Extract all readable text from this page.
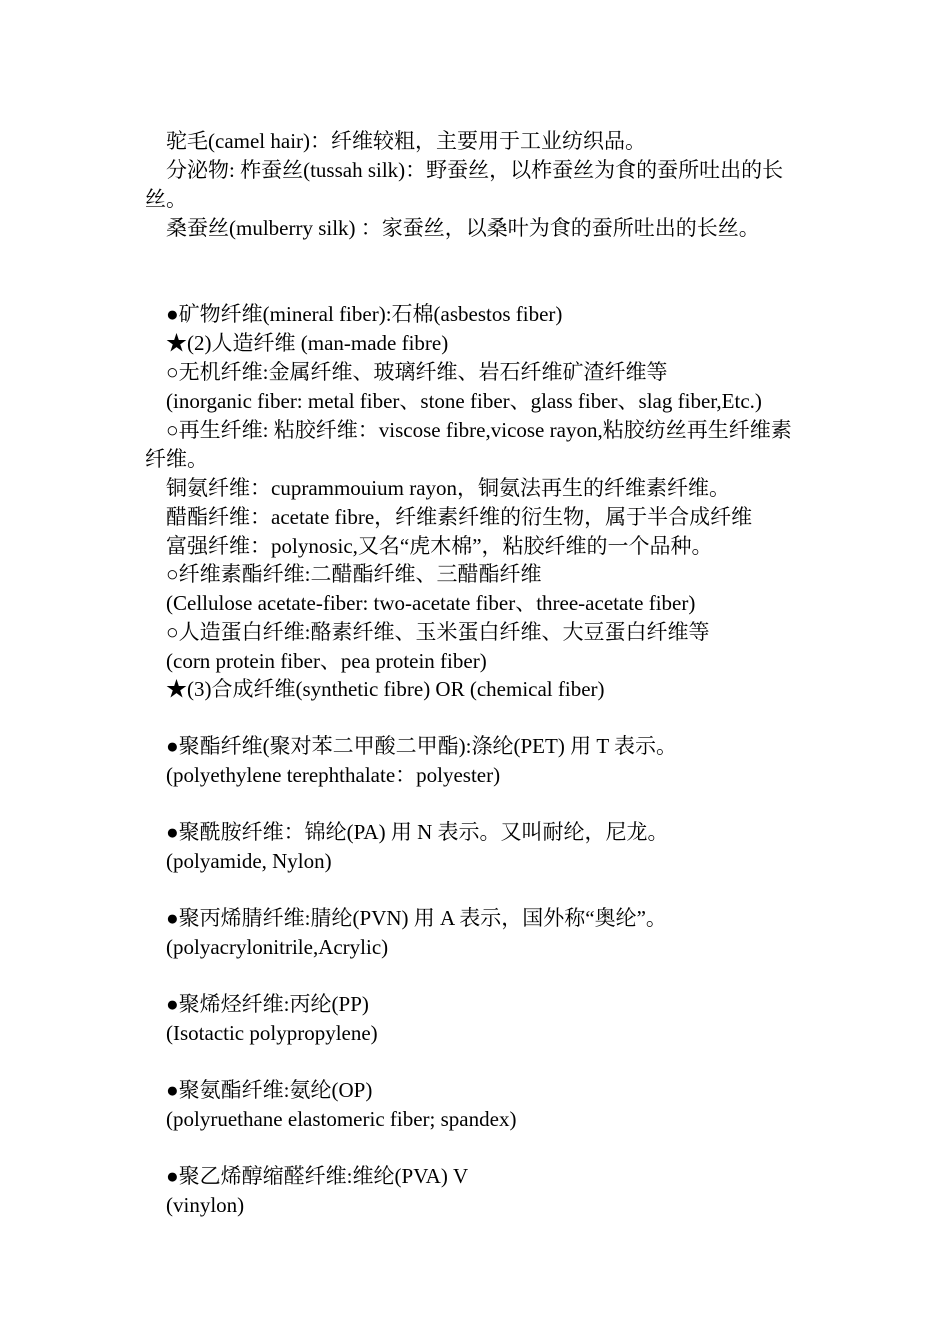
驼毛(camel hair)：纤维较粗，主要用于工业纺织品。

分泌物: 柞蚕丝(tussah silk)：野蚕丝，以柞蚕丝为食的蚕所吐出的长丝。

桑蚕丝(mulberry silk) ：家蚕丝，以桑叶为食的蚕所吐出的长丝。

●矿物纤维(mineral fiber):石棉(asbestos fiber)

★(2)人造纤维 (man-made fibre)

○无机纤维:金属纤维、玻璃纤维、岩石纤维矿渣纤维等

(inorganic fiber: metal fiber、stone fiber、glass fiber、slag fiber,Etc.)

○再生纤维: 粘胶纤维：viscose fibre,vicose rayon,粘胶纺丝再生纤维素纤维。

铜氨纤维：cuprammouium rayon，铜氨法再生的纤维素纤维。

醋酯纤维：acetate fibre，纤维素纤维的衍生物，属于半合成纤维

富强纤维：polynosic,又名“虎木棉”，粘胶纤维的一个品种。

○纤维素酯纤维:二醋酯纤维、三醋酯纤维

(Cellulose acetate-fiber: two-acetate fiber、three-acetate fiber)

○人造蛋白纤维:酪素纤维、玉米蛋白纤维、大豆蛋白纤维等

(corn protein fiber、pea protein fiber)

★(3)合成纤维(synthetic fibre) OR (chemical fiber)

●聚酯纤维(聚对苯二甲酸二甲酯):涤纶(PET) 用 T 表示。

(polyethylene terephthalate：polyester)

●聚酰胺纤维：锦纶(PA) 用 N 表示。又叫耐纶，尼龙。

(polyamide, Nylon)

●聚丙烯腈纤维:腈纶(PVN) 用 A 表示，国外称“奥纶”。

(polyacrylonitrile,Acrylic)

●聚烯烃纤维:丙纶(PP)

(Isotactic polypropylene)

●聚氨酯纤维:氨纶(OP)

(polyruethane elastomeric fiber; spandex)

●聚乙烯醇缩醛纤维:维纶(PVA) V

(vinylon)
